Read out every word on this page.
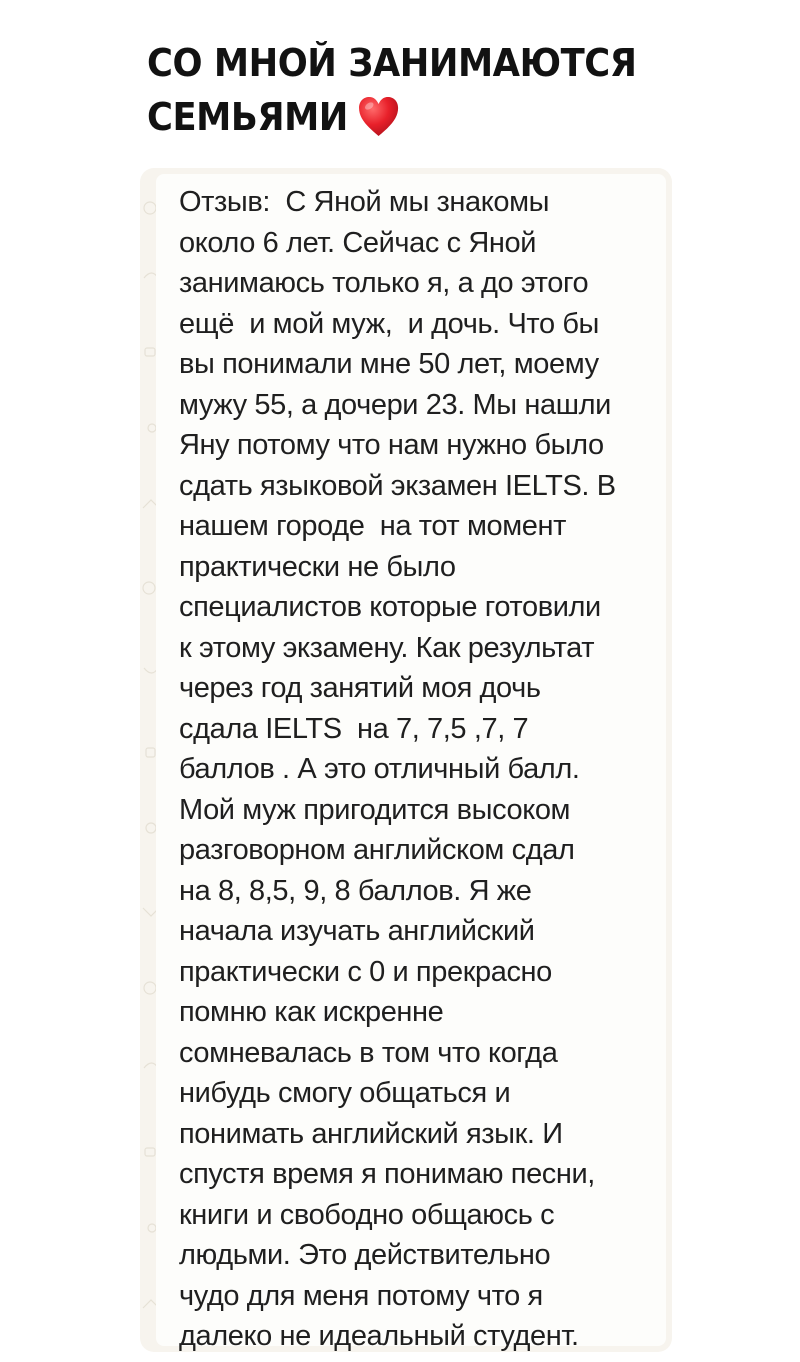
СО МНОЙ ЗАНИМАЮТСЯ
СЕМЬЯМИ

Отзыв:  С Яной мы знакомы
около 6 лет. Сейчас с Яной
занимаюсь только я, а до этого
ещё  и мой муж,  и дочь. Что бы
вы понимали мне 50 лет, моему
мужу 55, а дочери 23. Мы нашли
Яну потому что нам нужно было
сдать языковой экзамен IELTS. В
нашем городе  на тот момент
практически не было
специалистов которые готовили
к этому экзамену. Как результат
через год занятий моя дочь
сдала IELTS  на 7, 7,5 ,7, 7
баллов . А это отличный балл.
Мой муж пригодится высоком
разговорном английском сдал
на 8, 8,5, 9, 8 баллов. Я же
начала изучать английский
практически с 0 и прекрасно
помню как искренне
сомневалась в том что когда
нибудь смогу общаться и
понимать английский язык. И
спустя время я понимаю песни,
книги и свободно общаюсь с
людьми. Это действительно
чудо для меня потому что я
далеко не идеальный студент.
